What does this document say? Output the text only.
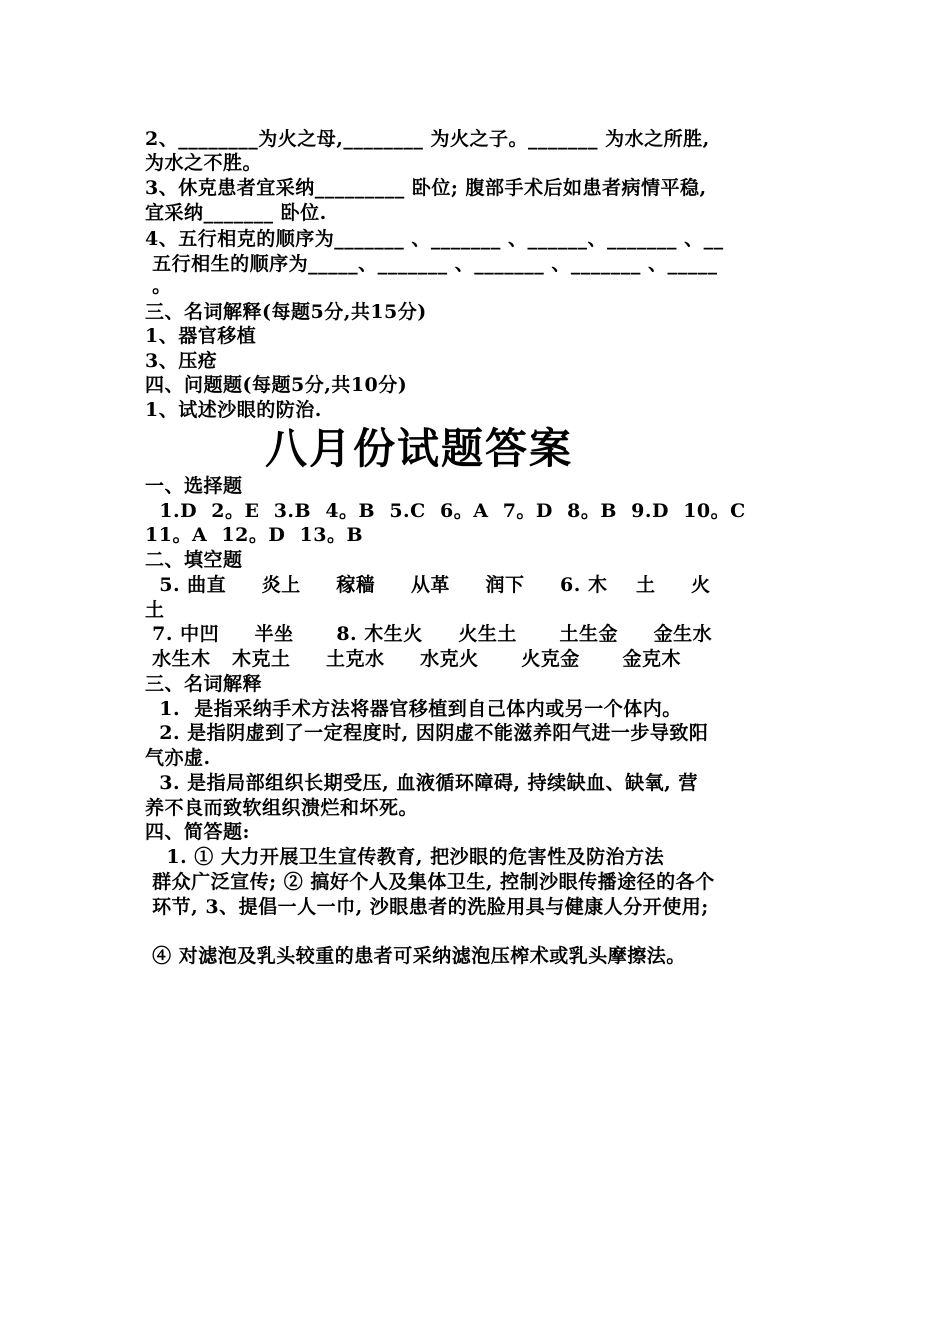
2、________为火之母,________ 为火之子。_______ 为水之所胜,
为水之不胜。
3、休克患者宜采纳_________ 卧位; 腹部手术后如患者病情平稳,
宜采纳_______ 卧位.
4、五行相克的顺序为_______ 、_______ 、______、_______ 、__
五行相生的顺序为_____、_______ 、_______ 、_______ 、_____
。
三、名词解释(每题5分,共15分)
1、器官移植
3、压疮
四、问题题(每题5分,共10分)
1、试述沙眼的防治.
八月份试题答案
一、选择题
1.D  2。E  3.B  4。B  5.C  6。A  7。D  8。B  9.D  10。C
11。A  12。D  13。B
二、填空题
5. 曲直     炎上     稼穑     从革     润下     6. 木    土     火
土
7. 中凹     半坐      8. 木生火     火生土      土生金     金生水
水生木   木克土     土克水     水克火      火克金      金克木
三、名词解释
1.  是指采纳手术方法将器官移植到自己体内或另一个体内。
2. 是指阴虚到了一定程度时, 因阴虚不能滋养阳气进一步导致阳
气亦虚.
3. 是指局部组织长期受压, 血液循环障碍, 持续缺血、缺氧, 营
养不良而致软组织溃烂和坏死。
四、简答题:
1. ① 大力开展卫生宣传教育, 把沙眼的危害性及防治方法
群众广泛宣传; ② 搞好个人及集体卫生, 控制沙眼传播途径的各个
环节, 3、提倡一人一巾, 沙眼患者的洗脸用具与健康人分开使用;
④ 对滤泡及乳头较重的患者可采纳滤泡压榨术或乳头摩擦法。
